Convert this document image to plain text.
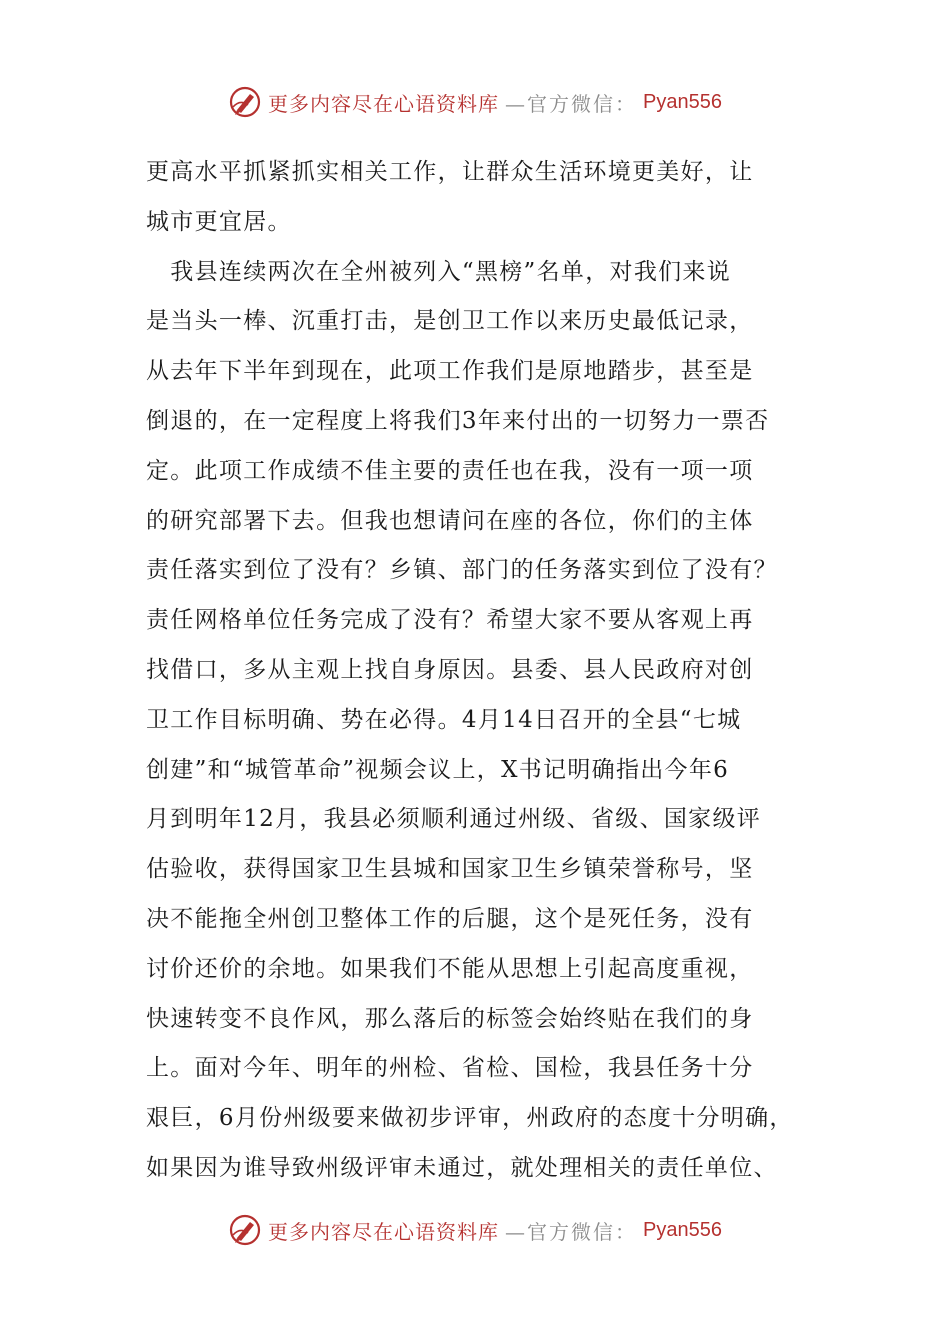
更多内容尽在心语资料库 —官方微信： Pyan556
更高水平抓紧抓实相关工作，让群众生活环境更美好，让
城市更宜居。
　我县连续两次在全州被列入“黑榜”名单，对我们来说
是当头一棒、沉重打击，是创卫工作以来历史最低记录，
从去年下半年到现在，此项工作我们是原地踏步，甚至是
倒退的，在一定程度上将我们3年来付出的一切努力一票否
定。此项工作成绩不佳主要的责任也在我，没有一项一项
的研究部署下去。但我也想请问在座的各位，你们的主体
责任落实到位了没有？乡镇、部门的任务落实到位了没有？
责任网格单位任务完成了没有？希望大家不要从客观上再
找借口，多从主观上找自身原因。县委、县人民政府对创
卫工作目标明确、势在必得。4月14日召开的全县“七城
创建”和“城管革命”视频会议上，X书记明确指出今年6
月到明年12月，我县必须顺利通过州级、省级、国家级评
估验收，获得国家卫生县城和国家卫生乡镇荣誉称号，坚
决不能拖全州创卫整体工作的后腿，这个是死任务，没有
讨价还价的余地。如果我们不能从思想上引起高度重视，
快速转变不良作风，那么落后的标签会始终贴在我们的身
上。面对今年、明年的州检、省检、国检，我县任务十分
艰巨，6月份州级要来做初步评审，州政府的态度十分明确，
如果因为谁导致州级评审未通过，就处理相关的责任单位、
更多内容尽在心语资料库 —官方微信： Pyan556
